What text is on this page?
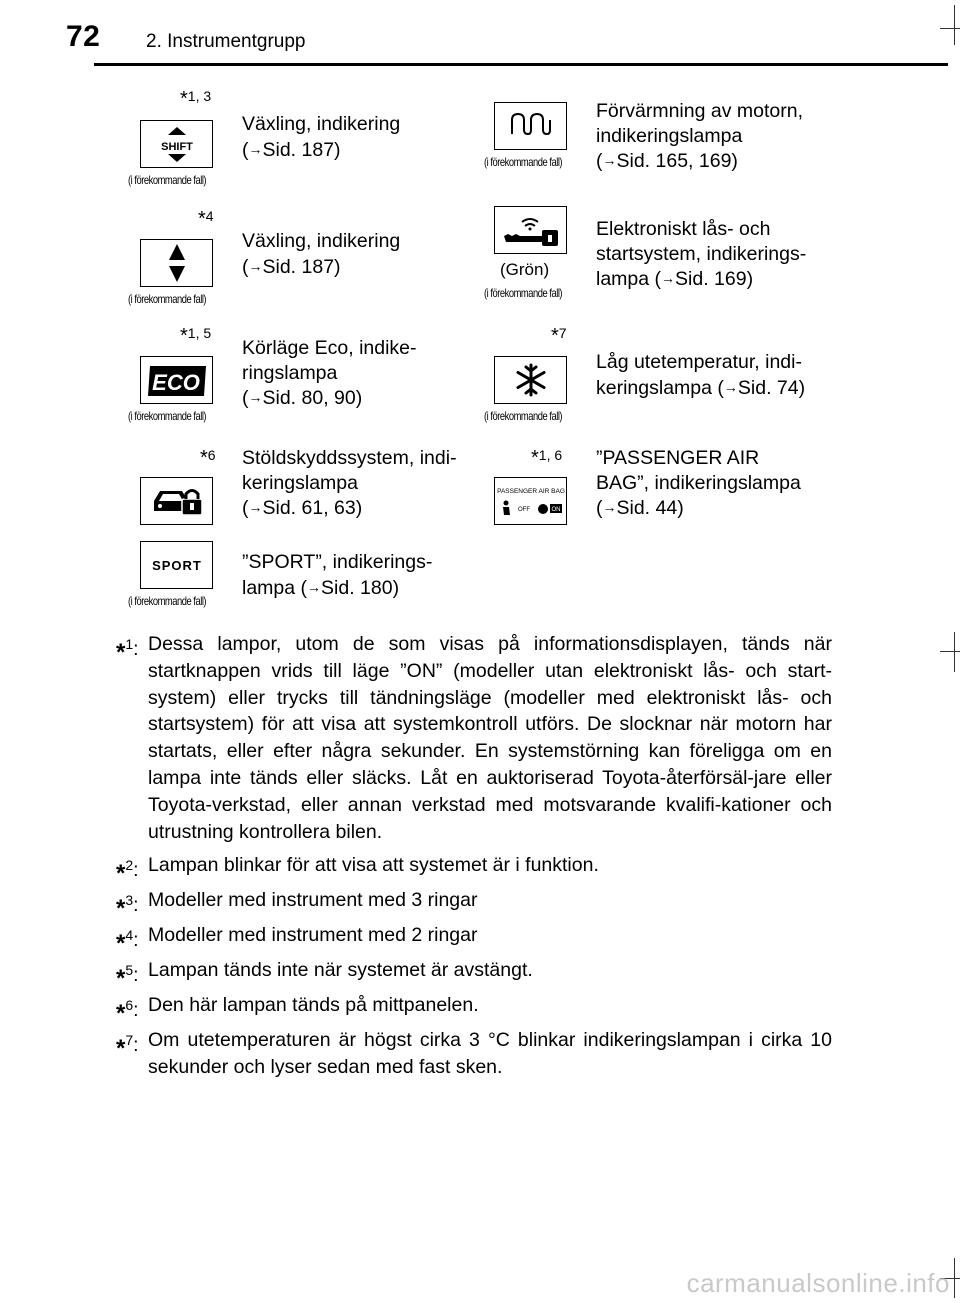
72 2. Instrumentgrupp
*1, 3
SHIFT
(i förekommande fall)
Växling, indikering
(→Sid. 187)
(i förekommande fall)
Förvärmning av motorn,
indikeringslampa
(→Sid. 165, 169)
*4
(i förekommande fall)
Växling, indikering
(→Sid. 187)	(Grön)
(i förekommande fall)
Elektroniskt lås- och
startsystem, indikerings-
lampa (→Sid. 169)
*1, 5
ECO
(i förekommande fall)
Körläge Eco, indike-
ringslampa
(→Sid. 80, 90)
*7
(i förekommande fall)
Låg utetemperatur, indi-
keringslampa (→Sid. 74)
*6 Stöldskyddssystem, indi-
keringslampa
(→Sid. 61, 63)
*1, 6
PASSENGER AIR BAG
OFF	ON
”PASSENGER AIR
BAG”, indikeringslampa
(→Sid. 44)
SPORT
(i förekommande fall)
”SPORT”, indikerings-
lampa (→Sid. 180)
*$^1$: Dessa lampor, utom de som visas på informationsdisplayen, tänds när startknappen vrids till läge ”ON” (modeller utan elektroniskt lås- och start-system) eller trycks till tändningsläge (modeller med elektroniskt lås- och startsystem) för att visa att systemkontroll utförs. De slocknar när motorn har startats, eller efter några sekunder. En systemstörning kan föreligga om en lampa inte tänds eller släcks. Låt en auktoriserad Toyota-återförsäl-jare eller Toyota-verkstad, eller annan verkstad med motsvarande kvalifi-kationer och utrustning kontrollera bilen.
*$^2$: Lampan blinkar för att visa att systemet är i funktion.
*$^3$: Modeller med instrument med 3 ringar
*$^4$: Modeller med instrument med 2 ringar
*$^5$: Lampan tänds inte när systemet är avstängt.
*$^6$: Den här lampan tänds på mittpanelen.
*$^7$: Om utetemperaturen är högst cirka 3 °C blinkar indikeringslampan i cirka 10 sekunder och lyser sedan med fast sken.
carmanualsonline.info
